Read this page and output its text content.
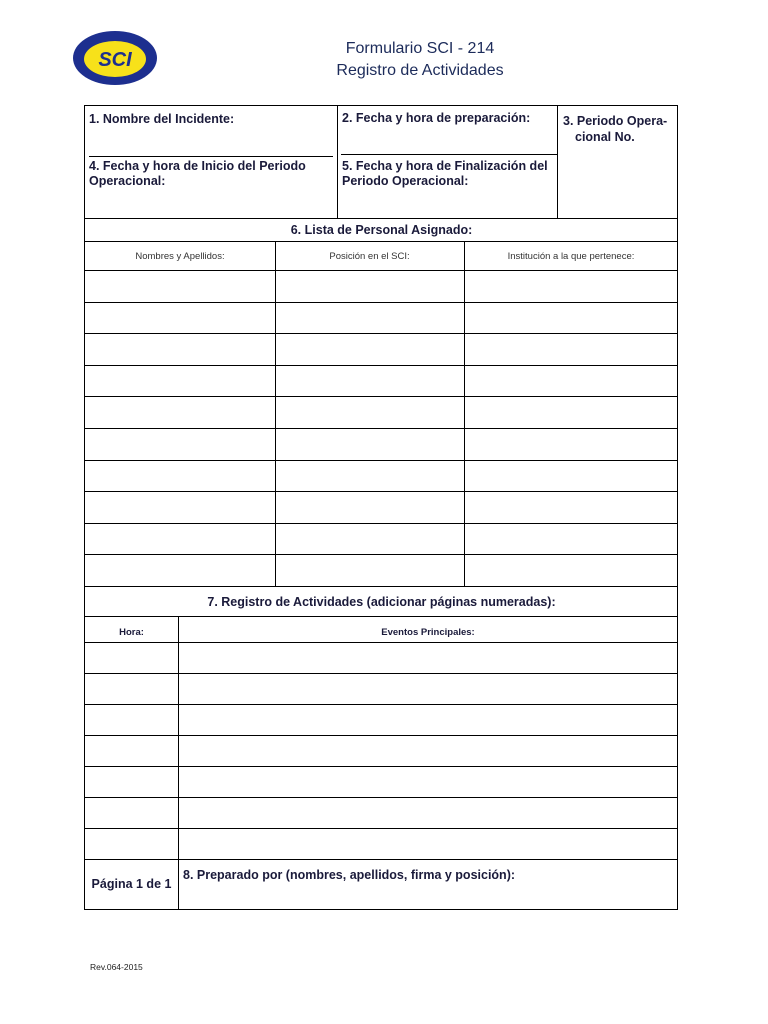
SCI
Formulario SCI - 214
Registro de Actividades
1. Nombre del Incidente:	2. Fecha y hora de preparación:	3. Periodo Opera-
cional No.
4. Fecha y hora de Inicio del Periodo
Operacional:
5. Fecha y hora de Finalización del
Periodo Operacional:
6. Lista de Personal Asignado:
Nombres y Apellidos:	Posición en el SCI:	Institución a la que pertenece:
7. Registro de Actividades (adicionar páginas numeradas):
Hora:	Eventos Principales:
Página 1 de 1
8. Preparado por (nombres, apellidos, firma y posición):
Rev.064-2015
